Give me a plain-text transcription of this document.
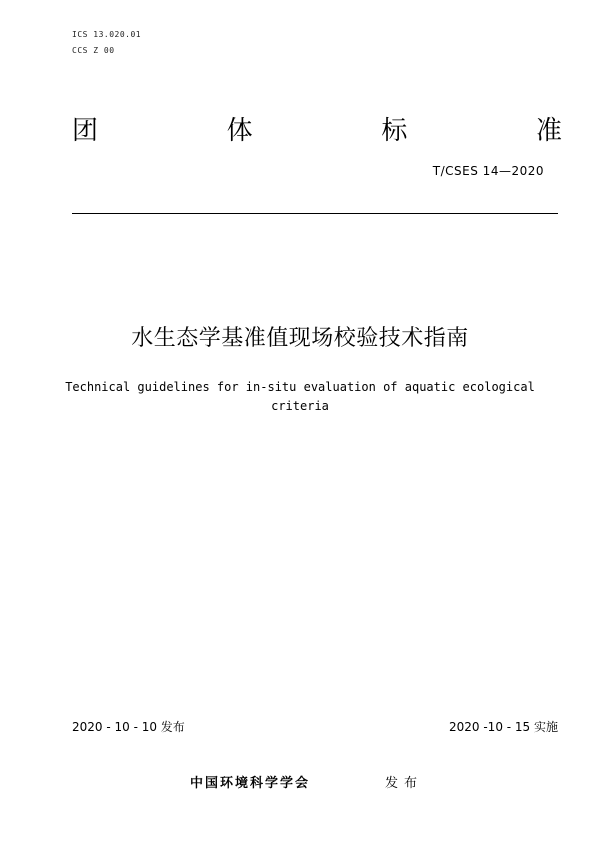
ICS 13.020.01
CCS Z 00
团	体	标	准
T/CSES 14—2020
水生态学基准值现场校验技术指南
Technical guidelines for in-situ evaluation of aquatic ecological
criteria
2020 - 10 - 10 发布	2020 -10 - 15 实施
中国环境科学学会	发布
